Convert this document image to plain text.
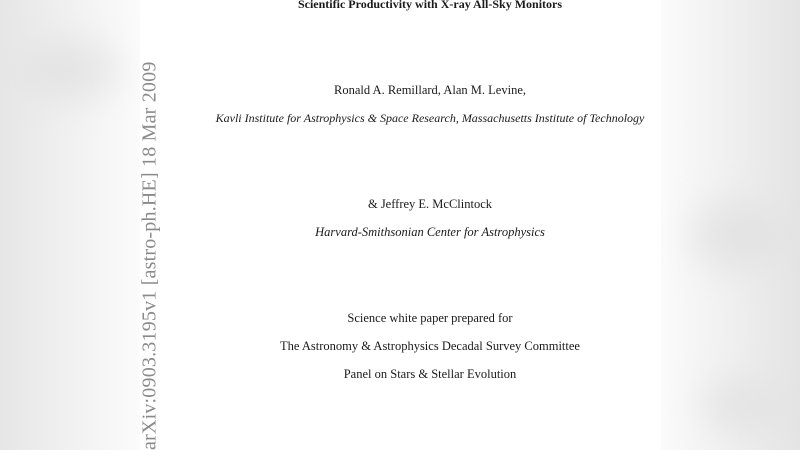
arXiv:0903.3195v1 [astro-ph.HE] 18 Mar 2009
Scientific Productivity with X-ray All-Sky Monitors
Ronald A. Remillard, Alan M. Levine,
Kavli Institute for Astrophysics & Space Research, Massachusetts Institute of Technology
& Jeffrey E. McClintock
Harvard-Smithsonian Center for Astrophysics
Science white paper prepared for
The Astronomy & Astrophysics Decadal Survey Committee
Panel on Stars & Stellar Evolution
